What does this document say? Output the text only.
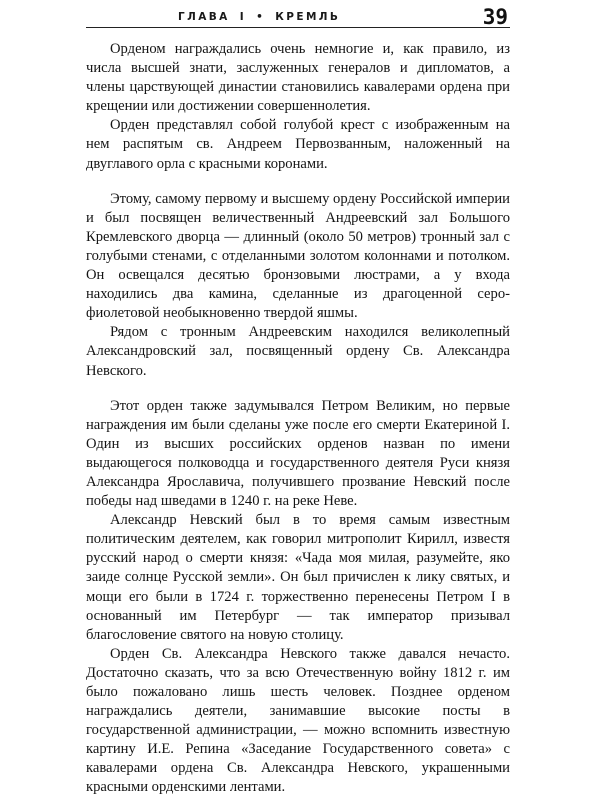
ГЛАВА I • КРЕМЛЬ	39

Орденом награждались очень немногие и, как правило, из числа высшей знати, заслуженных генералов и дипломатов, а члены царствующей династии становились кавалерами ордена при крещении или достижении совершеннолетия.

Орден представлял собой голубой крест с изображенным на нем распятым св. Андреем Первозванным, наложенный на двуглавого орла с красными коронами.

Этому, самому первому и высшему ордену Российской империи и был посвящен величественный Андреевский зал Большого Кремлевского дворца — длинный (около 50 метров) тронный зал с голубыми стенами, с отделанными золотом колоннами и потолком. Он освещался десятью бронзовыми люстрами, а у входа находились два камина, сделанные из драгоценной серо-фиолетовой необыкновенно твердой яшмы.

Рядом с тронным Андреевским находился великолепный Александровский зал, посвященный ордену Св. Александра Невского.

Этот орден также задумывался Петром Великим, но первые награждения им были сделаны уже после его смерти Екатериной I. Один из высших российских орденов назван по имени выдающегося полководца и государственного деятеля Руси князя Александра Ярославича, получившего прозвание Невский после победы над шведами в 1240 г. на реке Неве.

Александр Невский был в то время самым известным политическим деятелем, как говорил митрополит Кирилл, известя русский народ о смерти князя: «Чада моя милая, разумейте, яко заиде солнце Русской земли». Он был причислен к лику святых, и мощи его были в 1724 г. торжественно перенесены Петром I в основанный им Петербург — так император призывал благословение святого на новую столицу.

Орден Св. Александра Невского также давался нечасто. Достаточно сказать, что за всю Отечественную войну 1812 г. им было пожаловано лишь шесть человек. Позднее орденом награждались деятели, занимавшие высокие посты в государственной администрации, — можно вспомнить известную картину И.Е. Репина «Заседание Государственного совета» с кавалерами ордена Св. Александра Невского, украшенными красными орденскими лентами.
